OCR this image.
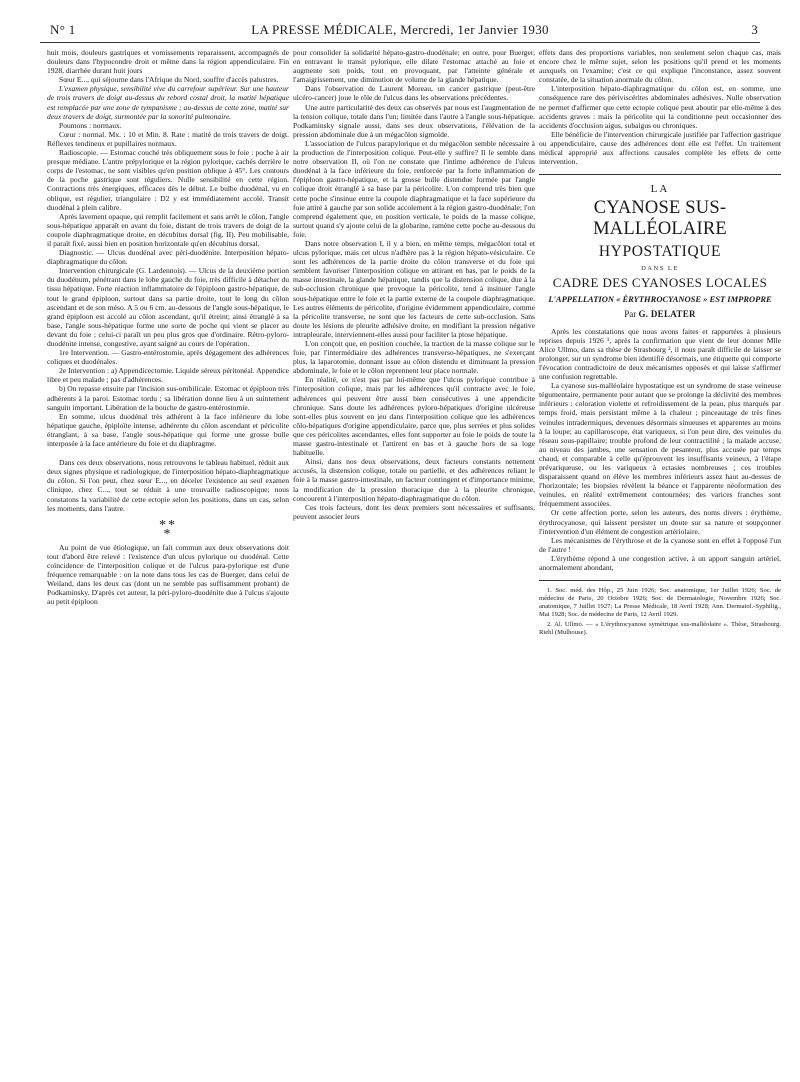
N° 1	LA PRESSE MÉDICALE, Mercredi, 1er Janvier 1930	3

huit mois, douleurs gastriques et vomissements reparaissent, accompagnés de douleurs dans l'hypocondre droit et même dans la région appendiculaire. Fin 1928, diarrhée durant huit jours

Sœur E..., qui séjourne dans l'Afrique du Nord, souffre d'accès palustres.

L'examen physique, sensibilité vive du carrefour supérieur. Sur une hauteur de trois travers de doigt au-dessus du rebord costal droit, la matité hépatique est remplacée par une zone de tympanisme ; au-dessus de cette zone, matité sur deux travers de doigt, surmontée par la sonorité pulmonaire.

Poumons : normaux.

Cœur : normal. Mx. : 10 et Min. 8. Rate : matité de trois travers de doigt. Réflexes tendineux et pupillaires normaux.

Radioscopie. — Estomac couché très obliquement sous le foie : poche à air presque médiane. L'antre prépylorique et la région pylorique, cachés derrière le corps de l'estomac, ne sont visibles qu'en position oblique à 45°. Les contours de la poche gastrique sont réguliers. Nulle sensibilité en cette région. Contractions très énergiques, efficaces dès le début. Le bulbe duodénal, vu en oblique, est régulier, triangulaire : D2 y est immédiatement accolé. Transit duodénal à plein calibre.

Après lavement opaque, qui remplit facilement et sans arrêt le côlon, l'angle sous-hépatique apparaît en avant du foie, distant de trois travers de doigt de la coupole diaphragmatique droite, en décubitus dorsal (fig. II). Peu mobilisable, il paraît fixé, aussi bien en position horizontale qu'en décubitus dorsal.

Diagnostic. — Ulcus duodénal avec péri-duodénite. Interposition hépato-diaphragmatique du côlon.

Intervention chirurgicale (G. Lardennois). — Ulcus de la deuxième portion du duodénum, pénétrant dans le lobe gauche du foie, très difficile à détacher du tissu hépatique. Forte réaction inflammatoire de l'épiploon gastro-hépatique, de tout le grand épiploon, surtout dans sa partie droite, tout le long du côlon ascendant et de son méso. A 5 ou 6 cm. au-dessous de l'angle sous-hépatique, le grand épiploon est accolé au côlon ascendant, qu'il étreint; ainsi étranglé à sa base, l'angle sous-hépatique forme une sorte de poche qui vient se placer au devant du foie ; celui-ci paraît un peu plus gros que d'ordinaire. Rétro-pyloro-duodénite intense, congestive, ayant saigné au cours de l'opération.

1re Intervention. — Gastro-entérostomie, après dégagement des adhérences coliques et duodénales.

2e Intervention : a) Appendicectomie. Liquide séreux péritonéal. Appendice libre et peu malade ; pas d'adhérences.

b) On repasse ensuite par l'incision sus-ombilicale. Estomac et épiploon très adhérents à la paroi. Estomac tordu ; sa libération donne lieu à un suintement sanguin important. Libération de la bouche de gastro-entérostomie.

En somme, ulcus duodénal très adhérent à la face inférieure du lobe hépatique gauche, épiploïte intense, adhérente du côlon ascendant et péricolite étranglant, à sa base, l'angle sous-hépatique qui forme une grosse bulle interposée à la face antérieure du foie et du diaphragme.

Dans ces deux observations, nous retrouvons le tableau habituel, réduit aux deux signes physique et radiologique, de l'interposition hépato-diaphragmatique du côlon. Si l'on peut, chez sœur E..., en déceler l'existence au seul examen clinique, chez C..., tout se réduit à une trouvaille radioscopique; nous constatons la variabilité de cette ectopie selon les positions, dans un cas, selon les moments, dans l'autre.

**
*

Au point de vue étiologique, un fait commun aux deux observations doit tout d'abord être relevé : l'existence d'un ulcus pylorique ou duodénal. Cette coïncidence de l'interposition colique et de l'ulcus para-pylorique est d'une fréquence remarquable : on la note dans tous les cas de Buerger, dans celui de Weiland, dans les deux cas (dont un ne semble pas suffisamment probant) de Podkaminsky. D'après cet auteur, la péri-pyloro-duodénite due à l'ulcus s'ajoute au petit épiploon

pour consolider la solidarité hépato-gastro-duodénale; en outre, pour Buerger, en entravant le transit pylorique, elle dilate l'estomac attaché au foie et augmente son poids, tout en provoquant, par l'atteinte générale et l'amaigrissement, une diminution de volume de la glande hépatique.

Dans l'observation de Laurent Moreau, un cancer gastrique (peut-être ulcéro-cancer) joue le rôle de l'ulcus dans les observations précédentes.

Une autre particularité des deux cas observés par nous est l'augmentation de la tension colique, totale dans l'un; limitée dans l'autre à l'angle sous-hépatique. Podkaminsky signale aussi, dans ses deux observations, l'élévation de la pression abdominale due à un mégacôlon sigmoïde.

L'association de l'ulcus parapylorique et du mégacôlon semble nécessaire à la production de l'interposition colique. Peut-elle y suffire? Il le semble dans notre observation II, où l'on ne constate que l'intime adhérence de l'ulcus duodénal à la face inférieure du foie, renforcée par la forte inflammation de l'épiploon gastro-hépatique, et la grosse bulle distendue formée par l'angle colique droit étranglé à sa base par la péricolite. L'on comprend très bien que cette poche s'insinue entre la coupole diaphragmatique et la face supérieure du foie attiré à gauche par son solide accolement à la région gastro-duodénale; l'on comprend également que, en position verticale, le poids de la masse colique, surtout quand s'y ajoute celui de la globarine, ramène cette poche au-dessous du foie.

Dans notre observation I, il y a bien, en même temps, mégacôlon total et ulcus pylorique, mais cet ulcus n'adhère pas à la région hépato-vésiculaire. Ce sont les adhérences de la partie droite du côlon transverse et du foie qui semblent favoriser l'interposition colique en attirant en bas, par le poids de la masse intestinale, la glande hépatique, tandis que la distension colique, due à la sub-occlusion chronique que provoque la péricolite, tend à insinuer l'angle sous-hépatique entre le foie et la partie externe de la coupole diaphragmatique. Les autres éléments de péricolite, d'origine évidemment appendiculaire, comme la péricolite transverse, ne sont que les facteurs de cette sub-occlusion. Sans doute les lésions de pleurite adhésive droite, en modifiant la pression négative intrapleurale, interviennent-elles aussi pour faciliter la ptose hépatique.

L'on conçoit que, en position couchée, la traction de la masse colique sur le foie, par l'intermédiaire des adhérences transverso-hépatiques, ne s'exerçant plus, la laparotomie, donnant issue au côlon distendu et diminuant la pression abdominale, le foie et le côlon reprennent leur place normale.

En réalité, ce n'est pas par lui-même que l'ulcus pylorique contribue à l'interposition colique, mais par les adhérences qu'il contracte avec le foie, adhérences qui peuvent être aussi bien consécutives à une appendicite chronique. Sans doute les adhérences pyloro-hépatiques d'origine ulcéreuse sont-elles plus souvent en jeu dans l'interposition colique que les adhérences côlo-hépatiques d'origine appendiculaire, parce que, plus serrées et plus solides que ces péricolites ascendantes, elles font supporter au foie le poids de toute la masse gastro-intestinale et l'attirent en bas et à gauche hors de sa loge habituelle.

Ainsi, dans nos deux observations, deux facteurs constants nettement accusés, la distension colique, totale ou partielle, et des adhérences reliant le foie à la masse gastro-intestinale, un facteur contingent et d'importance minime, la modification de la pression thoracique due à la pleurite chronique, concourent à l'interposition hépato-diaphragmatique du côlon.

Ces trois facteurs, dont les deux premiers sont nécessaires et suffisants, peuvent associer leurs

effets dans des proportions variables, non seulement selon chaque cas, mais encore chez le même sujet, selon les positions qu'il prend et les moments auxquels on l'examine; c'est ce qui explique l'inconstance, assez souvent constatée, de la situation anormale du côlon.

L'interposition hépato-diaphragmatique du côlon est, en somme, une conséquence rare des périviscérites abdominales adhésives. Nulle observation ne permet d'affirmer que cette ectopie colique peut aboutir par elle-même à des accidents graves : mais la péricolite qui la conditionne peut occasionner des accidents d'occlusion aigus, subaigus ou chroniques.

Elle bénéficie de l'intervention chirurgicale justifiée par l'affection gastrique ou appendiculaire, cause des adhérences dont elle est l'effet. Un traitement médical approprié aux affections causales complète les effets de cette intervention.

LA
CYANOSE SUS-MALLÉOLAIRE
HYPOSTATIQUE
DANS LE
CADRE DES CYANOSES LOCALES
L'APPELLATION « ÉRYTHROCYANOSE » EST IMPROPRE
Par G. DELATER

Après les constatations que nous avons faites et rapportées à plusieurs reprises depuis 1926 ¹, après la confirmation que vient de leur donner Mlle Alice Ullmo, dans sa thèse de Strasbourg ², il nous paraît difficile de laisser se prolonger, sur un syndrome bien identifié désormais, une étiquette qui comporte l'évocation contradictoire de deux mécanismes opposés et qui laisse s'affirmer une confusion regrettable.

La cyanose sus-malléolaire hypostatique est un syndrome de stase veineuse tégumentaire, permanente pour autant que se prolonge la déclivité des membres inférieurs : coloration violette et refroidissement de la peau, plus marqués par temps froid, mais persistant même à la chaleur ; pinceautage de très fines veinules intradermiques, devenues désormais sinueuses et apparentes au moins à la loupe; au capillaroscope, état variqueux, si l'on peut dire, des veinules du réseau sous-papillaire; trouble profond de leur contractilité ; la malade accuse, au niveau des jambes, une sensation de pesanteur, plus accusée par temps chaud, et comparable à celle qu'éprouvent les insuffisants veineux, à l'étape prévariqueuse, ou les variqueux à ectasies nombreuses ; ces troubles disparaissent quand on élève les membres inférieurs assez haut au-dessus de l'horizontale; les biopsies révèlent la béance et l'apparente néoformation des veinules, en réalité extrêmement contournées; des varices franches sont fréquemment associées.

Or cette affection porte, selon les auteurs, des noms divers : érythème, érythrocyanose, qui laissent persister un doute sur sa nature et soupçonner l'intervention d'un élément de congestion artériolaire.

Les mécanismes de l'érythrose et de la cyanose sont en effet à l'opposé l'un de l'autre !

L'érythème répond à une congestion active, à un apport sanguin artériel, anormalement abondant,

1. Soc. méd. des Hôp., 25 Juin 1926; Soc. anatomique, 1er Juillet 1926; Soc. de médecine de Paris, 20 Octobre 1926; Soc. de Dermatologie, Novembre 1926; Soc. anatomique, 7 Juillet 1927; La Presse Médicale, 18 Avril 1928; Ann. Dermatol.-Syphilig., Mai 1928; Soc. de médecine de Paris, 12 Avril 1929.

2. Al. Ullmo. — « L'érythrocyanose symétrique sus-malléolaire ». Thèse, Strasbourg. Riehl (Mulhouse).
